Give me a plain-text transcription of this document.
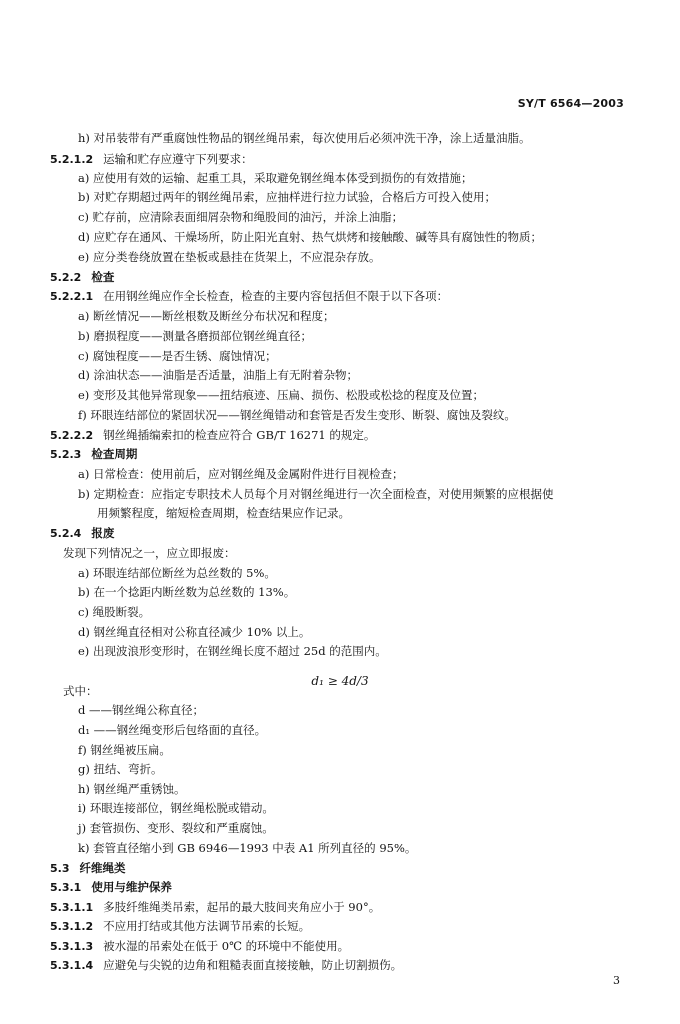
SY/T 6564—2003
h) 对吊装带有严重腐蚀性物品的钢丝绳吊索，每次使用后必须冲洗干净，涂上适量油脂。
5.2.1.2 运输和贮存应遵守下列要求：
a) 应使用有效的运输、起重工具，采取避免钢丝绳本体受到损伤的有效措施；
b) 对贮存期超过两年的钢丝绳吊索，应抽样进行拉力试验，合格后方可投入使用；
c) 贮存前，应清除表面细屑杂物和绳股间的油污，并涂上油脂；
d) 应贮存在通风、干燥场所，防止阳光直射、热气烘烤和接触酸、碱等具有腐蚀性的物质；
e) 应分类卷绕放置在垫板或悬挂在货架上，不应混杂存放。
5.2.2 检查
5.2.2.1 在用钢丝绳应作全长检查，检查的主要内容包括但不限于以下各项：
a) 断丝情况——断丝根数及断丝分布状况和程度；
b) 磨损程度——测量各磨损部位钢丝绳直径；
c) 腐蚀程度——是否生锈、腐蚀情况；
d) 涂油状态——油脂是否适量，油脂上有无附着杂物；
e) 变形及其他异常现象——扭结痕迹、压扁、损伤、松股或松捻的程度及位置；
f) 环眼连结部位的紧固状况——钢丝绳错动和套管是否发生变形、断裂、腐蚀及裂纹。
5.2.2.2 钢丝绳插编索扣的检查应符合 GB/T 16271 的规定。
5.2.3 检查周期
a) 日常检查：使用前后，应对钢丝绳及金属附件进行目视检查；
b) 定期检查：应指定专职技术人员每个月对钢丝绳进行一次全面检查，对使用频繁的应根据使
用频繁程度，缩短检查周期，检查结果应作记录。
5.2.4 报废
发现下列情况之一，应立即报废：
a) 环眼连结部位断丝为总丝数的 5%。
b) 在一个捻距内断丝数为总丝数的 13%。
c) 绳股断裂。
d) 钢丝绳直径相对公称直径减少 10% 以上。
e) 出现波浪形变形时，在钢丝绳长度不超过 25d 的范围内。
式中：
d ——钢丝绳公称直径；
d₁ ——钢丝绳变形后包络面的直径。
f) 钢丝绳被压扁。
g) 扭结、弯折。
h) 钢丝绳严重锈蚀。
i) 环眼连接部位，钢丝绳松脱或错动。
j) 套管损伤、变形、裂纹和严重腐蚀。
k) 套管直径缩小到 GB 6946—1993 中表 A1 所列直径的 95%。
5.3 纤维绳类
5.3.1 使用与维护保养
5.3.1.1 多肢纤维绳类吊索，起吊的最大肢间夹角应小于 90°。
5.3.1.2 不应用打结或其他方法调节吊索的长短。
5.3.1.3 被水湿的吊索处在低于 0℃ 的环境中不能使用。
5.3.1.4 应避免与尖锐的边角和粗糙表面直接接触，防止切割损伤。
d₁ ≥ 4d/3
3
